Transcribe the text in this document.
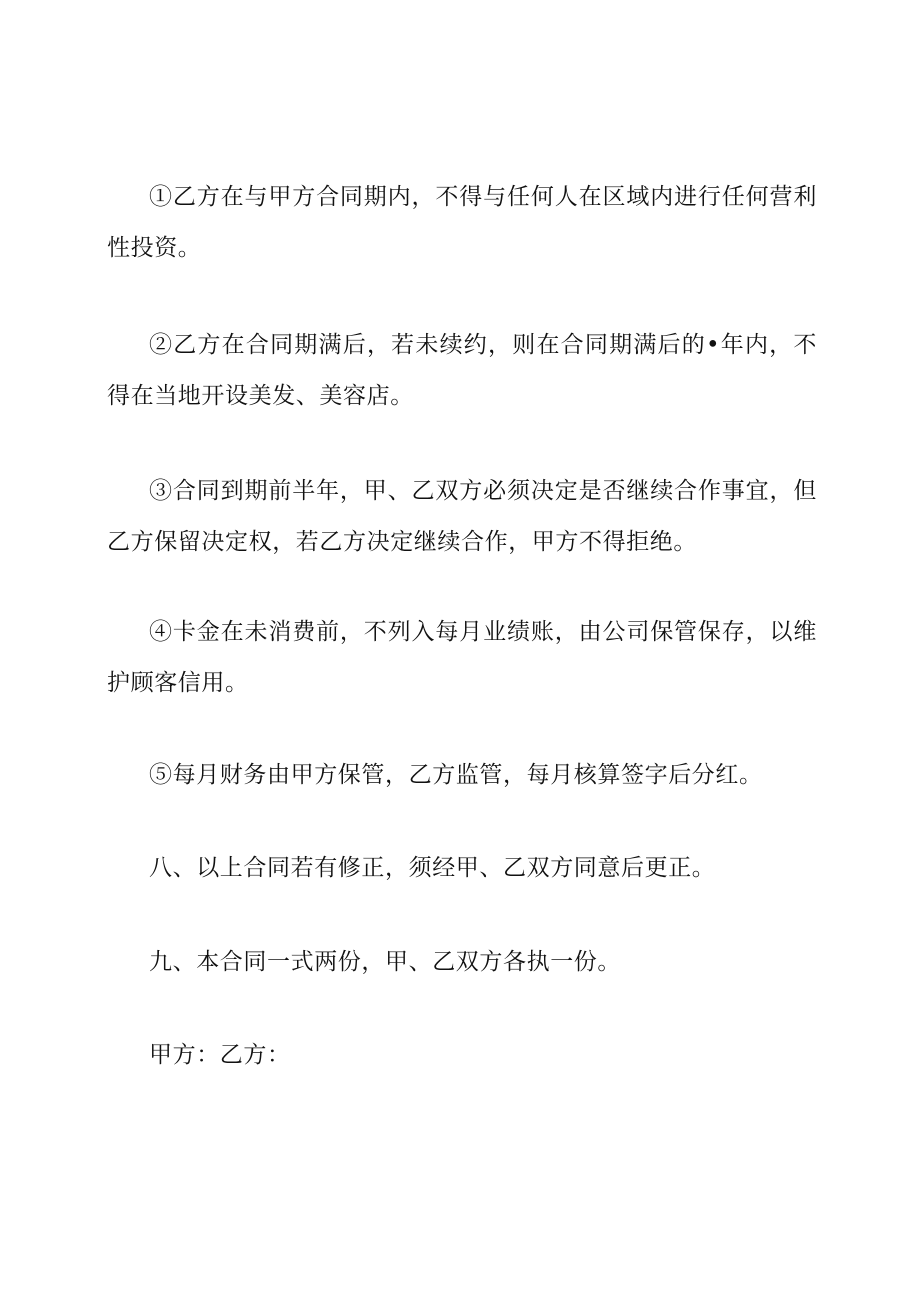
①乙方在与甲方合同期内，不得与任何人在区域内进行任何营利性投资。

②乙方在合同期满后，若未续约，则在合同期满后的•年内，不得在当地开设美发、美容店。

③合同到期前半年，甲、乙双方必须决定是否继续合作事宜，但乙方保留决定权，若乙方决定继续合作，甲方不得拒绝。

④卡金在未消费前，不列入每月业绩账，由公司保管保存，以维护顾客信用。

⑤每月财务由甲方保管，乙方监管，每月核算签字后分红。

八、以上合同若有修正，须经甲、乙双方同意后更正。

九、本合同一式两份，甲、乙双方各执一份。

甲方：乙方：
